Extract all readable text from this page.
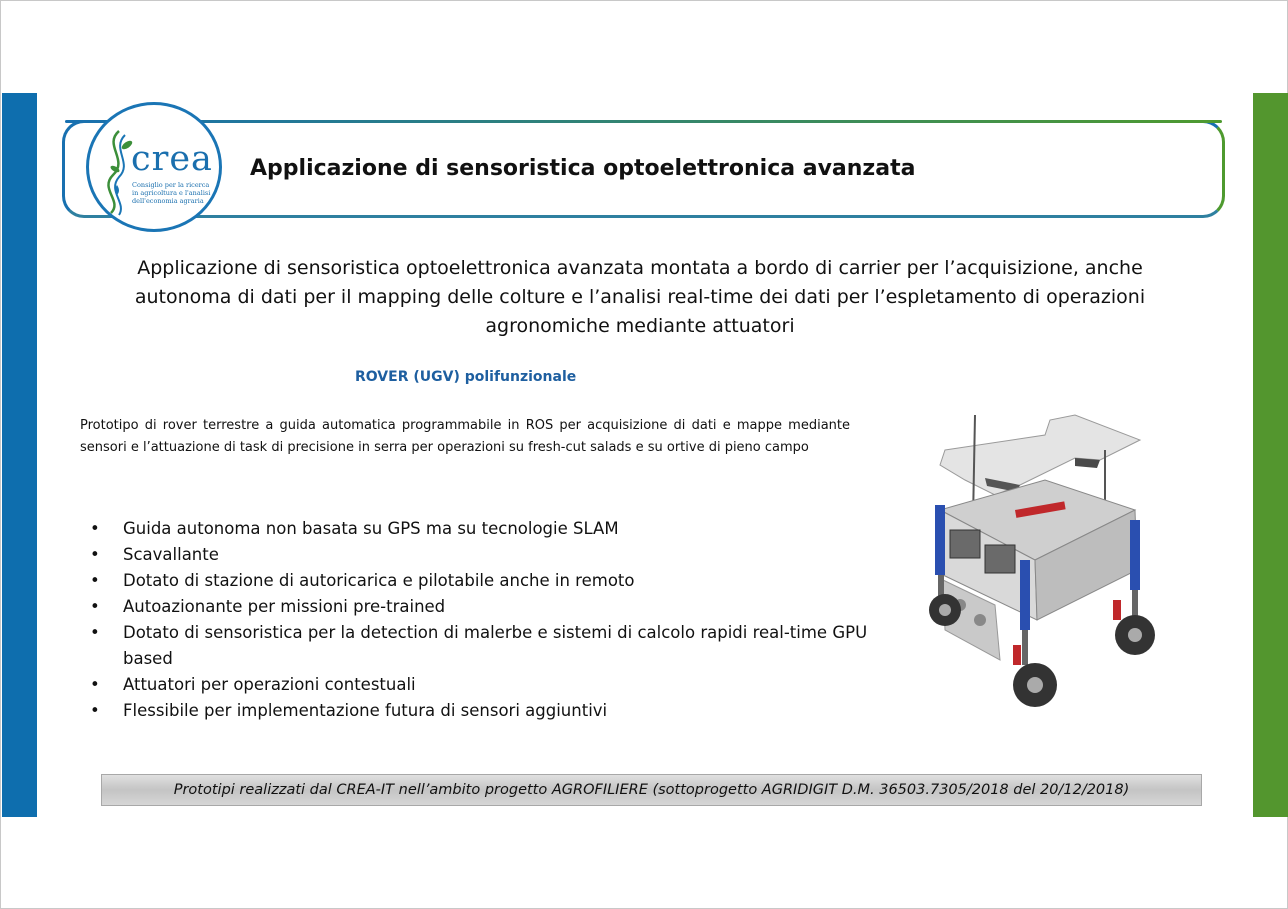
crea
Consiglio per la ricerca in agricoltura e l'analisi dell'economia agraria
Applicazione di sensoristica optoelettronica avanzata
Applicazione di sensoristica optoelettronica avanzata montata a bordo di carrier per l’acquisizione, anche autonoma di dati per il mapping delle colture e l’analisi real-time dei dati per l’espletamento di operazioni agronomiche mediante attuatori
ROVER (UGV) polifunzionale
Prototipo di rover terrestre a guida automatica programmabile in ROS per acquisizione di dati e mappe mediante sensori e l’attuazione di task di precisione in serra per operazioni su fresh-cut salads e su ortive di pieno campo
• Guida autonoma non basata su GPS ma su tecnologie SLAM
• Scavallante
• Dotato di stazione di autoricarica e pilotabile anche in remoto
• Autoazionante per missioni pre-trained
• Dotato di sensoristica per la detection di malerbe e sistemi di calcolo rapidi real-time GPU based
• Attuatori per operazioni contestuali
• Flessibile per implementazione futura di sensori aggiuntivi
Prototipi realizzati dal CREA-IT nell’ambito progetto AGROFILIERE (sottoprogetto AGRIDIGIT D.M. 36503.7305/2018 del 20/12/2018)
